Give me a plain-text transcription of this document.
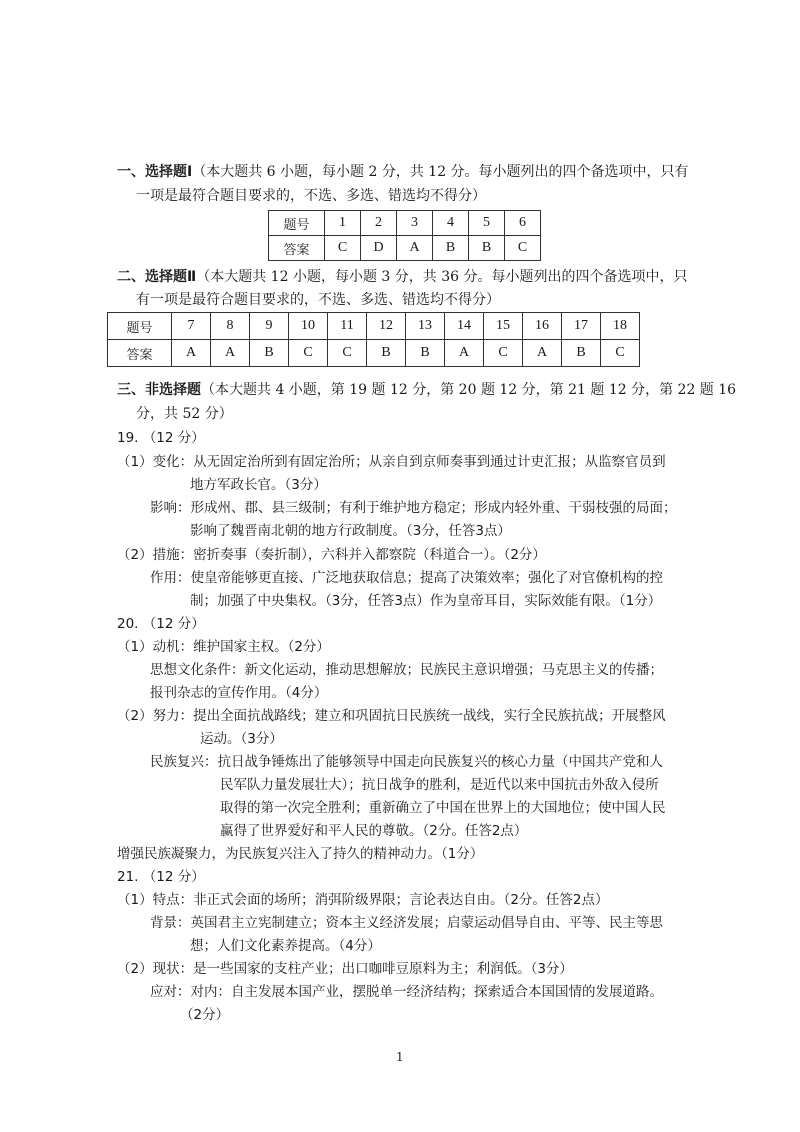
一、选择题Ⅰ（本大题共 6 小题，每小题 2 分，共 12 分。每小题列出的四个备选项中，只有
一项是最符合题目要求的，不选、多选、错选均不得分）
题号	1	2	3	4	5	6
答案	C	D	A	B	B	C
二、选择题Ⅱ（本大题共 12 小题，每小题 3 分，共 36 分。每小题列出的四个备选项中，只
有一项是最符合题目要求的，不选、多选、错选均不得分）
题号	7	8	9	10	11	12	13	14	15	16	17	18
答案	A	A	B	C	C	B	B	A	C	A	B	C
三、非选择题（本大题共 4 小题，第 19 题 12 分，第 20 题 12 分，第 21 题 12 分，第 22 题 16
分，共 52 分）
19. （12 分）
（1）变化：从无固定治所到有固定治所；从亲自到京师奏事到通过计吏汇报；从监察官员到
地方军政长官。（3分）
影响：形成州、郡、县三级制；有利于维护地方稳定；形成内轻外重、干弱枝强的局面；
影响了魏晋南北朝的地方行政制度。（3分，任答3点）
（2）措施：密折奏事（奏折制），六科并入都察院（科道合一）。（2分）
作用：使皇帝能够更直接、广泛地获取信息；提高了决策效率；强化了对官僚机构的控
制；加强了中央集权。（3分，任答3点）作为皇帝耳目，实际效能有限。（1分）
20. （12 分）
（1）动机：维护国家主权。（2分）
思想文化条件：新文化运动，推动思想解放；民族民主意识增强；马克思主义的传播；
报刊杂志的宣传作用。（4分）
（2）努力：提出全面抗战路线；建立和巩固抗日民族统一战线，实行全民族抗战；开展整风
运动。（3分）
民族复兴：抗日战争锤炼出了能够领导中国走向民族复兴的核心力量（中国共产党和人
民军队力量发展壮大）；抗日战争的胜利，是近代以来中国抗击外敌入侵所
取得的第一次完全胜利；重新确立了中国在世界上的大国地位；使中国人民
赢得了世界爱好和平人民的尊敬。（2分。任答2点）
增强民族凝聚力，为民族复兴注入了持久的精神动力。（1分）
21. （12 分）
（1）特点：非正式会面的场所；消弭阶级界限；言论表达自由。（2分。任答2点）
背景：英国君主立宪制建立；资本主义经济发展；启蒙运动倡导自由、平等、民主等思
想；人们文化素养提高。（4分）
（2）现状：是一些国家的支柱产业；出口咖啡豆原料为主；利润低。（3分）
应对：对内：自主发展本国产业，摆脱单一经济结构；探索适合本国国情的发展道路。
（2分）
1
